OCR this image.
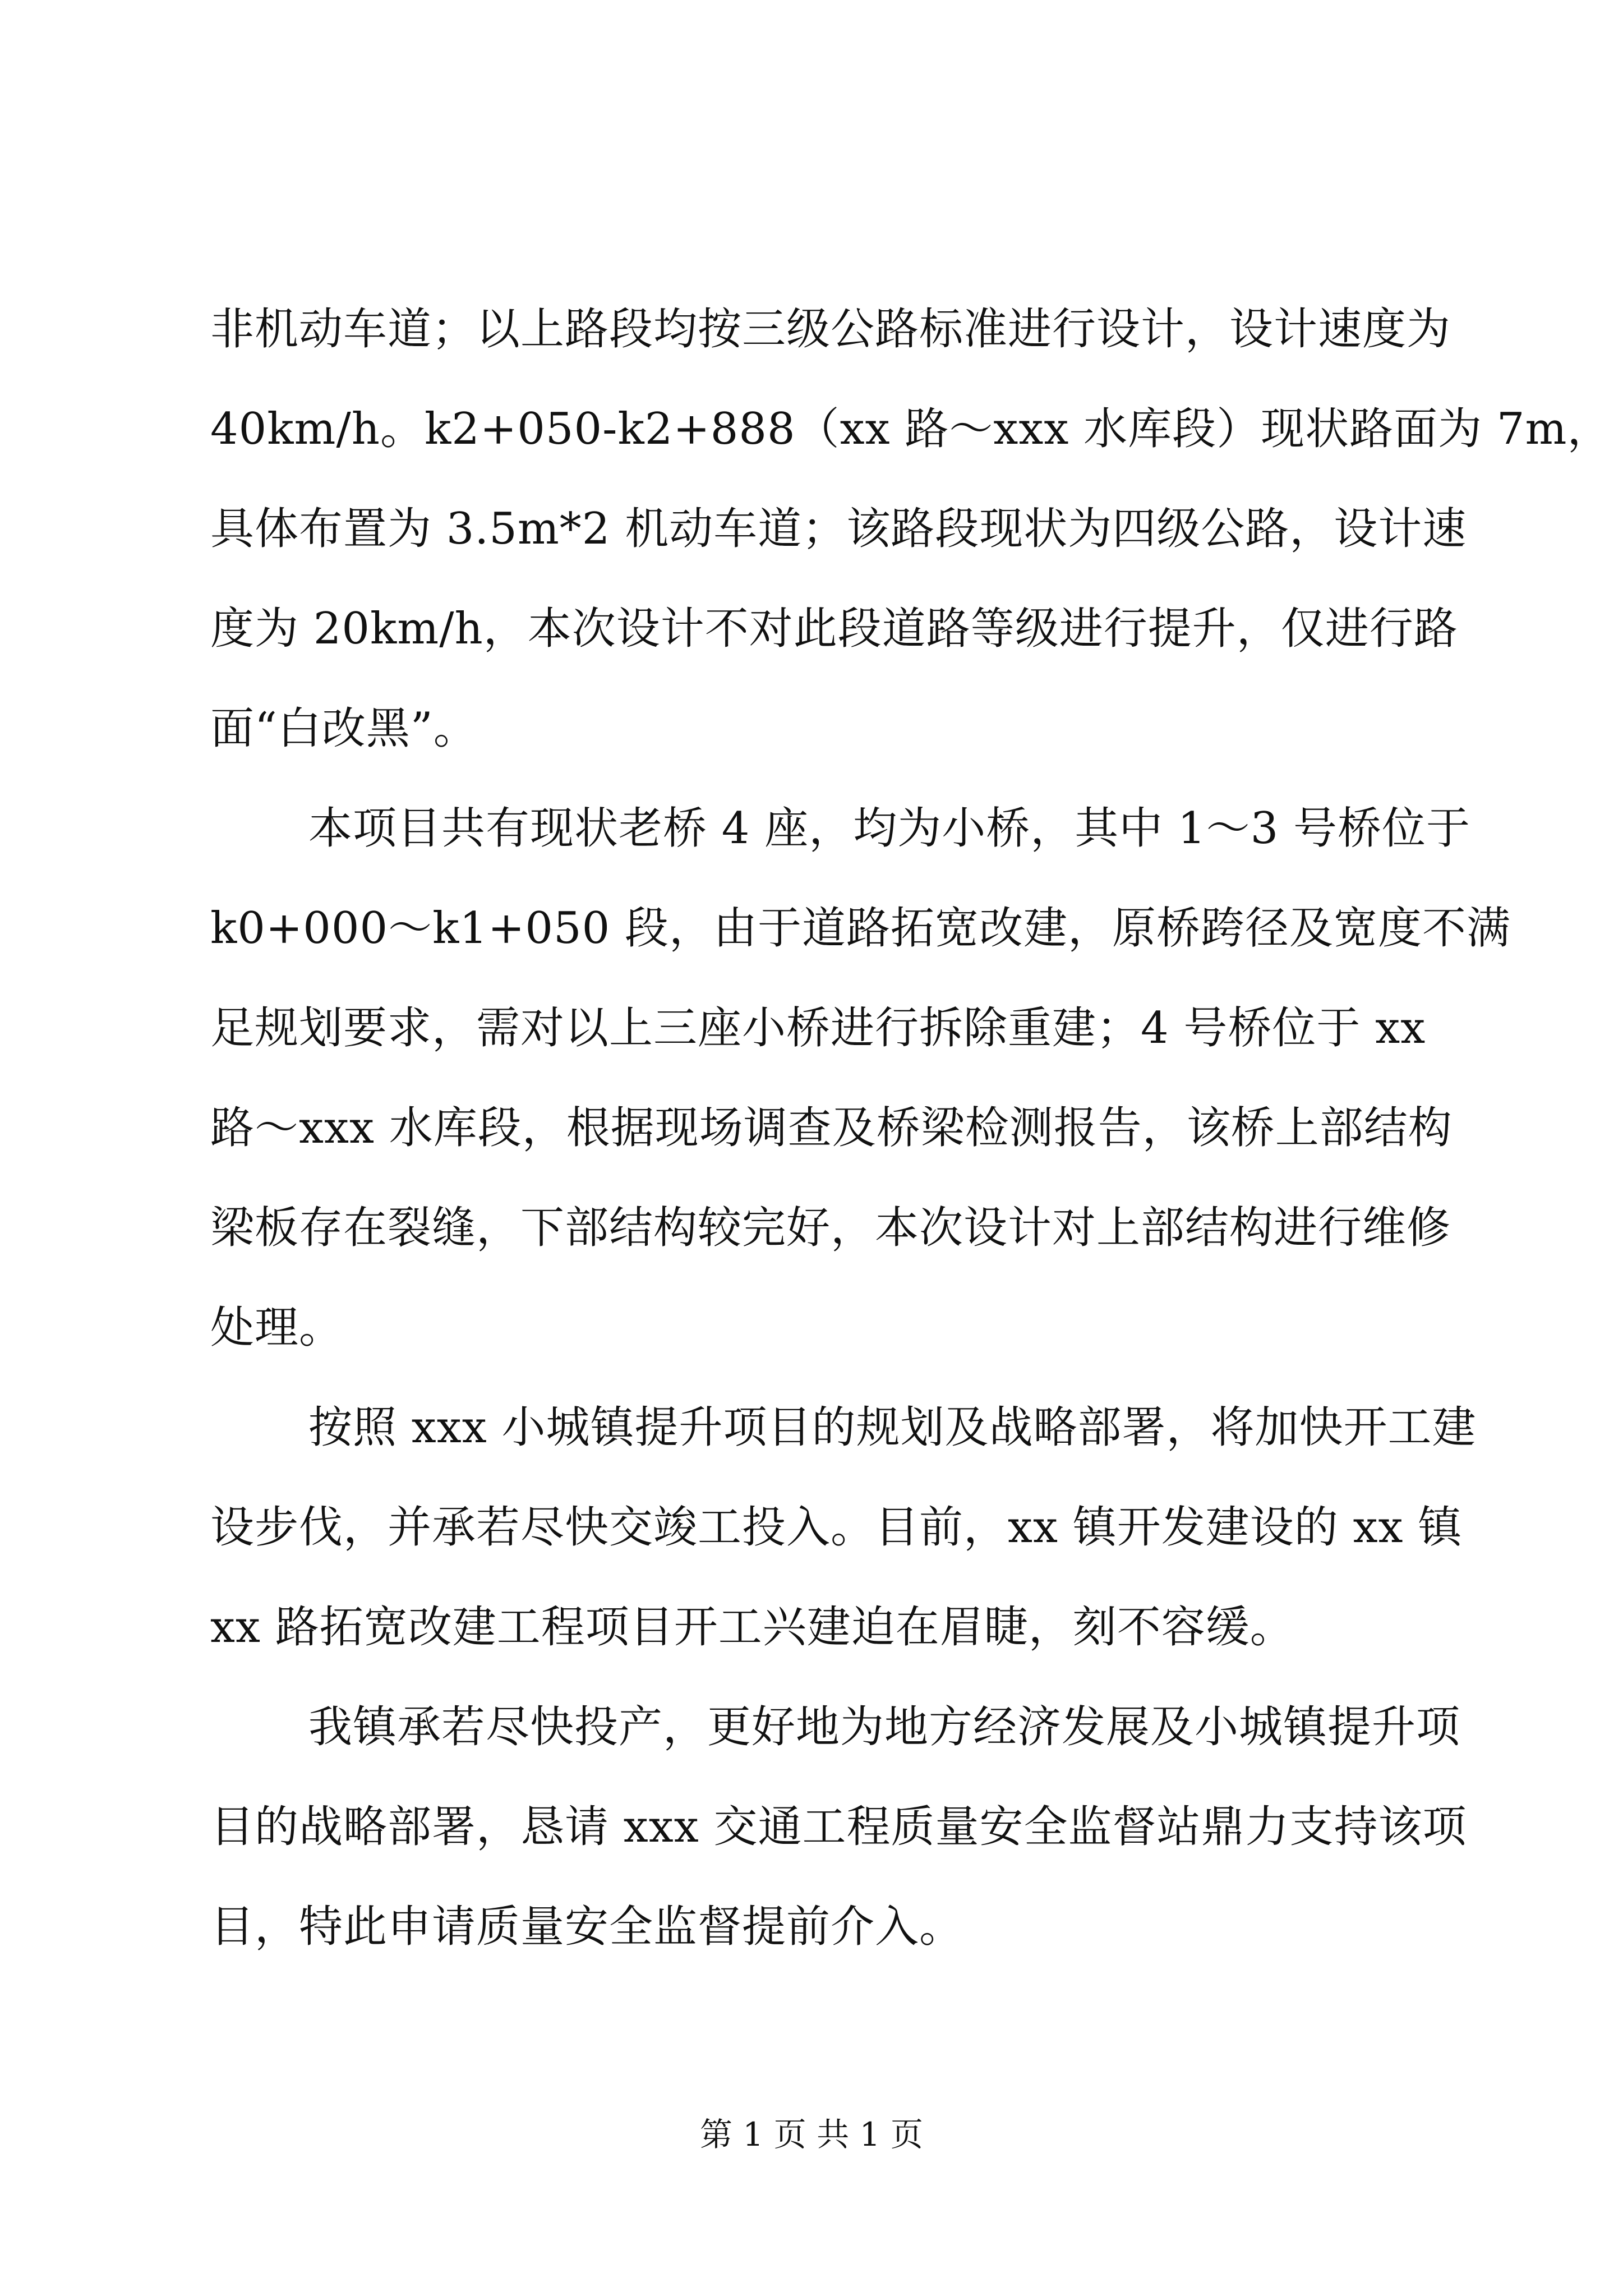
非机动车道；以上路段均按三级公路标准进行设计，设计速度为
40km/h。k2+050-k2+888（xx 路～xxx 水库段）现状路面为 7m，
具体布置为 3.5m*2 机动车道；该路段现状为四级公路，设计速
度为 20km/h，本次设计不对此段道路等级进行提升，仅进行路
面“白改黑”。
本项目共有现状老桥 4 座，均为小桥，其中 1～3 号桥位于
k0+000～k1+050 段，由于道路拓宽改建，原桥跨径及宽度不满
足规划要求，需对以上三座小桥进行拆除重建；4 号桥位于 xx
路～xxx 水库段，根据现场调查及桥梁检测报告，该桥上部结构
梁板存在裂缝，下部结构较完好，本次设计对上部结构进行维修
处理。
按照 xxx 小城镇提升项目的规划及战略部署，将加快开工建
设步伐，并承若尽快交竣工投入。目前，xx 镇开发建设的 xx 镇
xx 路拓宽改建工程项目开工兴建迫在眉睫，刻不容缓。
我镇承若尽快投产，更好地为地方经济发展及小城镇提升项
目的战略部署，恳请 xxx 交通工程质量安全监督站鼎力支持该项
目，特此申请质量安全监督提前介入。
第 1 页 共 1 页
